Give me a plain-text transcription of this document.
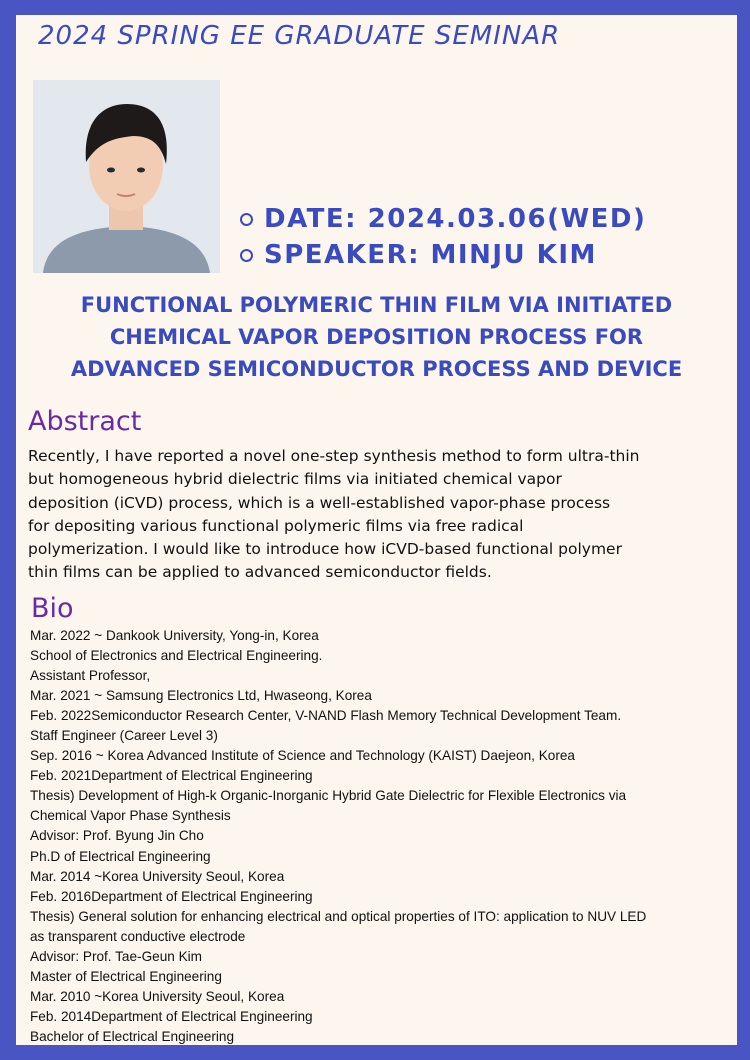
2024 SPRING EE GRADUATE SEMINAR
DATE: 2024.03.06(WED)
SPEAKER: MINJU KIM
FUNCTIONAL POLYMERIC THIN FILM VIA INITIATED
CHEMICAL VAPOR DEPOSITION PROCESS FOR
ADVANCED SEMICONDUCTOR PROCESS AND DEVICE
Abstract
Recently, I have reported a novel one-step synthesis method to form ultra-thin
but homogeneous hybrid dielectric films via initiated chemical vapor
deposition (iCVD) process, which is a well-established vapor-phase process
for depositing various functional polymeric films via free radical
polymerization. I would like to introduce how iCVD-based functional polymer
thin films can be applied to advanced semiconductor fields.
Bio
Mar. 2022 ~ Dankook University, Yong-in, Korea
School of Electronics and Electrical Engineering.
Assistant Professor,
Mar. 2021 ~ Samsung Electronics Ltd, Hwaseong, Korea
Feb. 2022Semiconductor Research Center, V-NAND Flash Memory Technical Development Team.
Staff Engineer (Career Level 3)
Sep. 2016 ~ Korea Advanced Institute of Science and Technology (KAIST) Daejeon, Korea
Feb. 2021Department of Electrical Engineering
Thesis) Development of High-k Organic-Inorganic Hybrid Gate Dielectric for Flexible Electronics via
Chemical Vapor Phase Synthesis
Advisor: Prof. Byung Jin Cho
Ph.D of Electrical Engineering
Mar. 2014 ~Korea University Seoul, Korea
Feb. 2016Department of Electrical Engineering
Thesis) General solution for enhancing electrical and optical properties of ITO: application to NUV LED
as transparent conductive electrode
Advisor: Prof. Tae-Geun Kim
Master of Electrical Engineering
Mar. 2010 ~Korea University Seoul, Korea
Feb. 2014Department of Electrical Engineering
Bachelor of Electrical Engineering
